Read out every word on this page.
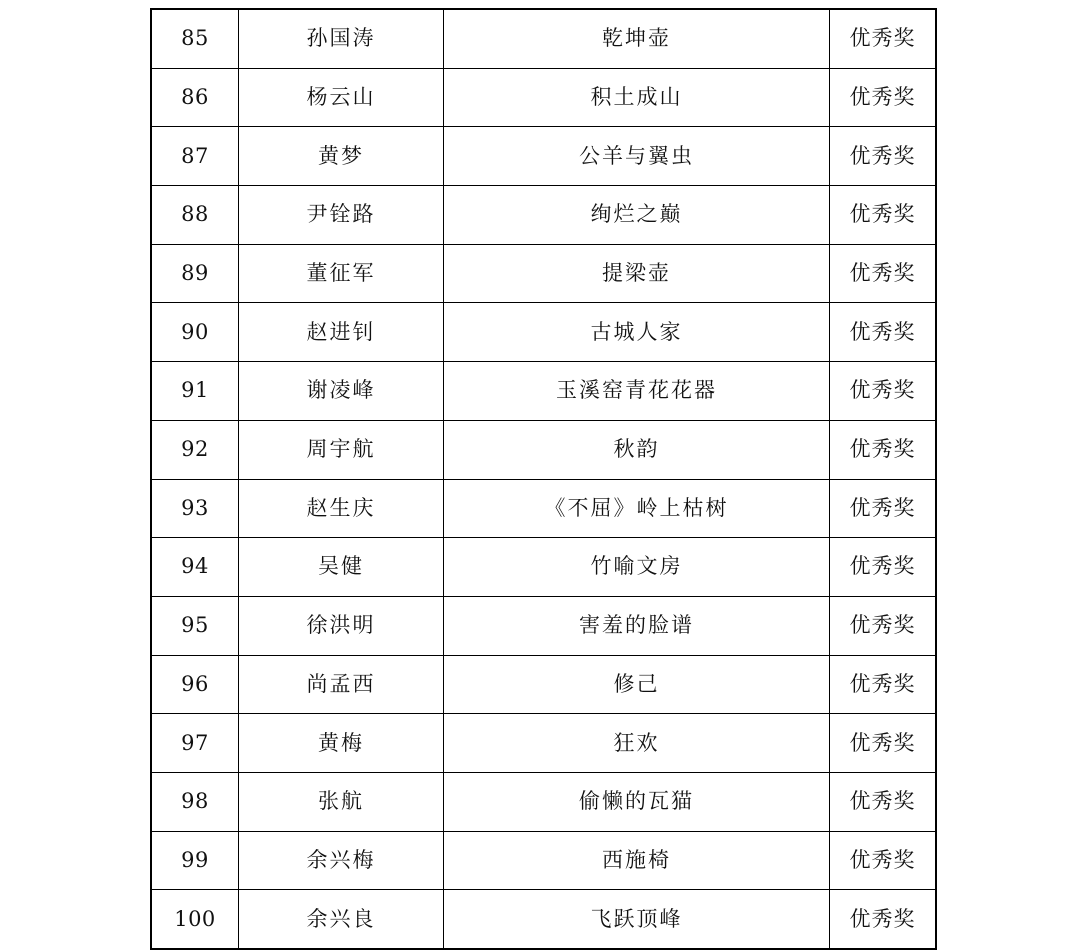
85	孙国涛	乾坤壶	优秀奖
86	杨云山	积土成山	优秀奖
87	黄梦	公羊与翼虫	优秀奖
88	尹铨路	绚烂之巅	优秀奖
89	董征军	提梁壶	优秀奖
90	赵进钊	古城人家	优秀奖
91	谢凌峰	玉溪窑青花花器	优秀奖
92	周宇航	秋韵	优秀奖
93	赵生庆	《不屈》岭上枯树	优秀奖
94	吴健	竹喻文房	优秀奖
95	徐洪明	害羞的脸谱	优秀奖
96	尚孟西	修己	优秀奖
97	黄梅	狂欢	优秀奖
98	张航	偷懒的瓦猫	优秀奖
99	余兴梅	西施椅	优秀奖
100	余兴良	飞跃顶峰	优秀奖
